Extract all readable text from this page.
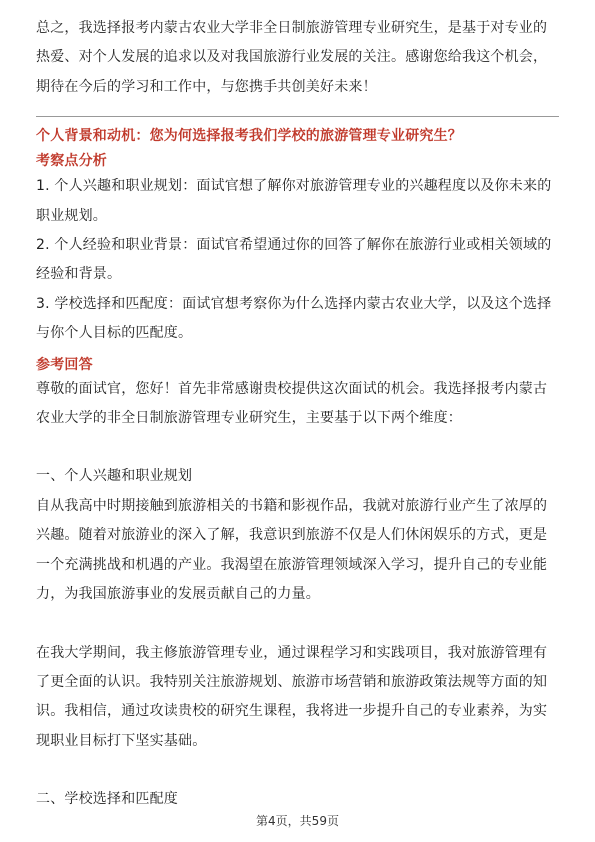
总之，我选择报考内蒙古农业大学非全日制旅游管理专业研究生，是基于对专业的热爱、对个人发展的追求以及对我国旅游行业发展的关注。感谢您给我这个机会，期待在今后的学习和工作中，与您携手共创美好未来！

个人背景和动机：您为何选择报考我们学校的旅游管理专业研究生？

考察点分析

1. 个人兴趣和职业规划：面试官想了解你对旅游管理专业的兴趣程度以及你未来的职业规划。

2. 个人经验和职业背景：面试官希望通过你的回答了解你在旅游行业或相关领域的经验和背景。

3. 学校选择和匹配度：面试官想考察你为什么选择内蒙古农业大学，以及这个选择与你个人目标的匹配度。

参考回答

尊敬的面试官，您好！首先非常感谢贵校提供这次面试的机会。我选择报考内蒙古农业大学的非全日制旅游管理专业研究生，主要基于以下两个维度：

一、个人兴趣和职业规划

自从我高中时期接触到旅游相关的书籍和影视作品，我就对旅游行业产生了浓厚的兴趣。随着对旅游业的深入了解，我意识到旅游不仅是人们休闲娱乐的方式，更是一个充满挑战和机遇的产业。我渴望在旅游管理领域深入学习，提升自己的专业能力，为我国旅游事业的发展贡献自己的力量。

在我大学期间，我主修旅游管理专业，通过课程学习和实践项目，我对旅游管理有了更全面的认识。我特别关注旅游规划、旅游市场营销和旅游政策法规等方面的知识。我相信，通过攻读贵校的研究生课程，我将进一步提升自己的专业素养，为实现职业目标打下坚实基础。

二、学校选择和匹配度

第4页，共59页
